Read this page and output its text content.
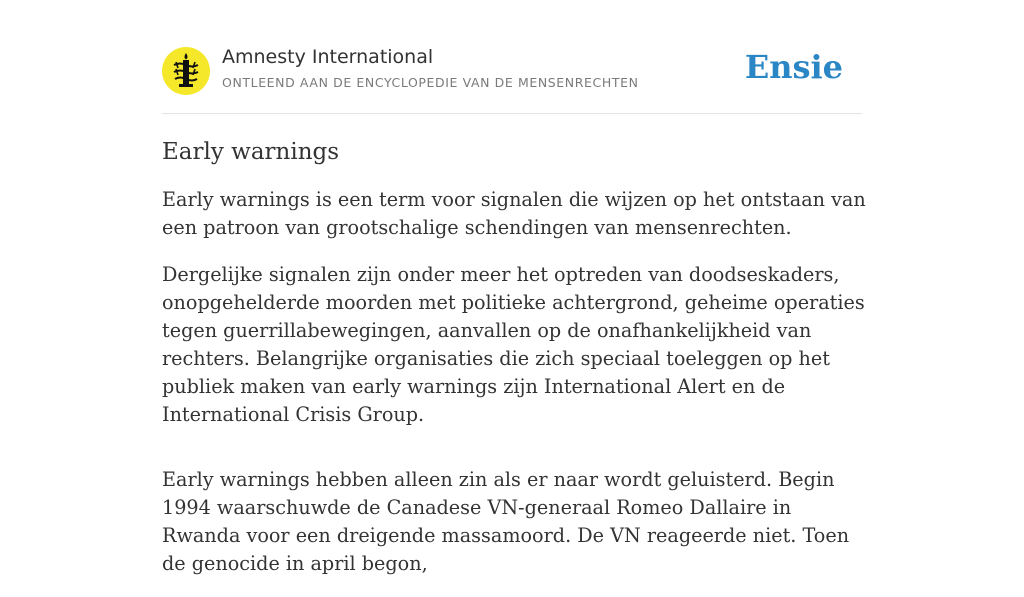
Amnesty International
ONTLEEND AAN DE ENCYCLOPEDIE VAN DE MENSENRECHTEN	Ensie
Early warnings

Early warnings is een term voor signalen die wijzen op het ontstaan van een patroon van grootschalige schendingen van mensenrechten.

Dergelijke signalen zijn onder meer het optreden van doodseskaders, onopgehelderde moorden met politieke achtergrond, geheime operaties tegen guerrillabewegingen, aanvallen op de onafhankelijkheid van rechters. Belangrijke organisaties die zich speciaal toeleggen op het publiek maken van early warnings zijn International Alert en de International Crisis Group.

Early warnings hebben alleen zin als er naar wordt geluisterd. Begin 1994 waarschuwde de Canadese VN-generaal Romeo Dallaire in Rwanda voor een dreigende massamoord. De VN reageerde niet. Toen de genocide in april begon,
